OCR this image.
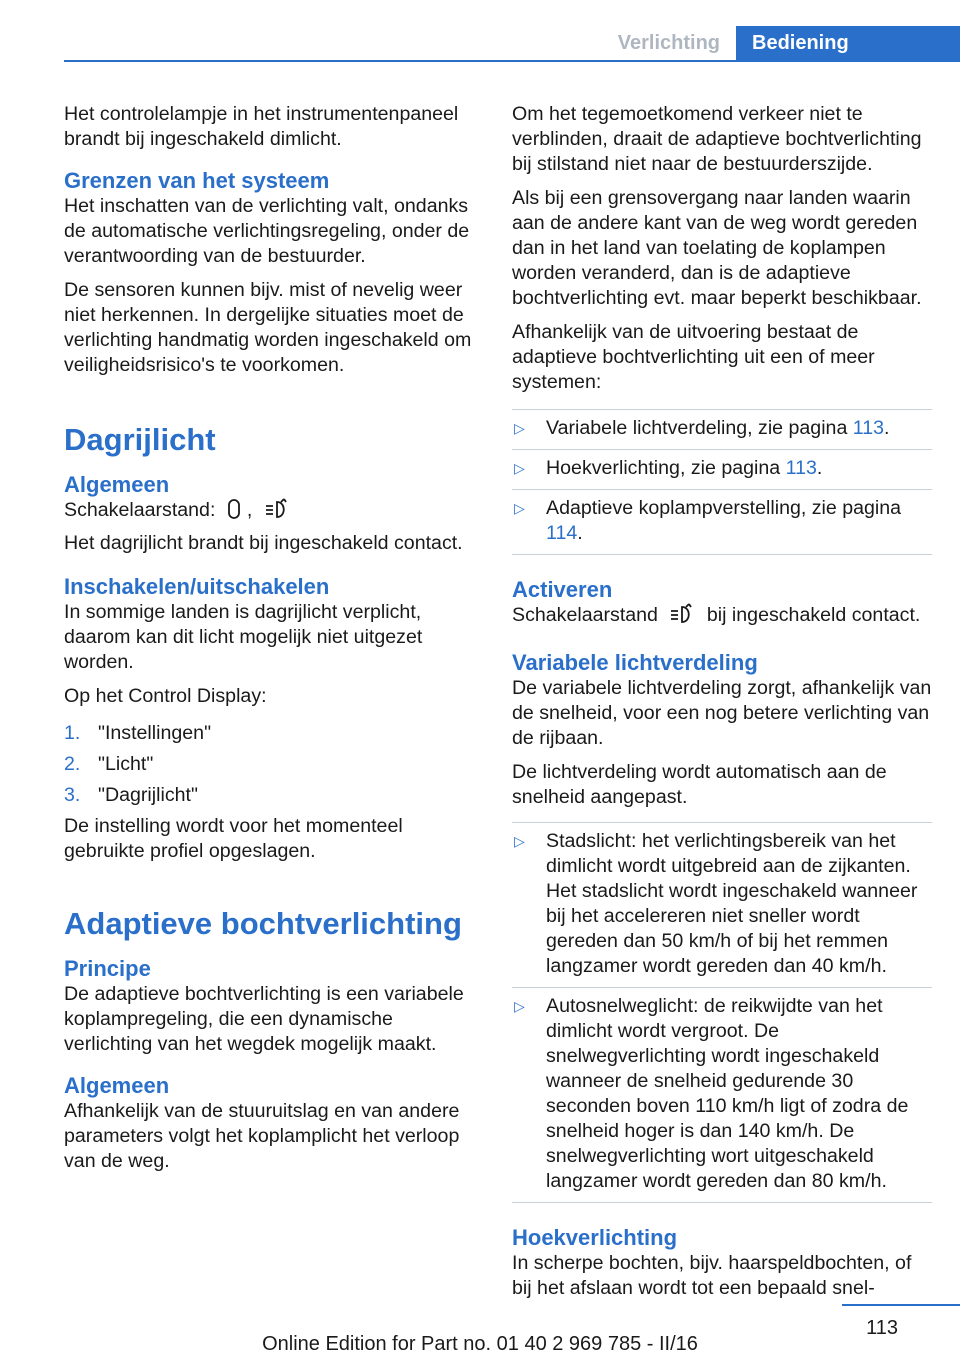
Verlichting	Bediening

Het controlelampje in het instrumentenpaneel brandt bij ingeschakeld dimlicht.

Grenzen van het systeem

Het inschatten van de verlichting valt, ondanks de automatische verlichtingsregeling, onder de verantwoording van de bestuurder.

De sensoren kunnen bijv. mist of nevelig weer niet herkennen. In dergelijke situaties moet de verlichting handmatig worden ingeschakeld om veiligheidsrisico's te voorkomen.

Dagrijlicht
Algemeen

Schakelaarstand: ,

Het dagrijlicht brandt bij ingeschakeld contact.

Inschakelen/uitschakelen

In sommige landen is dagrijlicht verplicht, daarom kan dit licht mogelijk niet uitgezet worden.

Op het Control Display:

1. "Instellingen"
2. "Licht"
3. "Dagrijlicht"

De instelling wordt voor het momenteel gebruikte profiel opgeslagen.

Adaptieve bochtverlichting
Principe

De adaptieve bochtverlichting is een variabele koplampregeling, die een dynamische verlichting van het wegdek mogelijk maakt.

Algemeen

Afhankelijk van de stuuruitslag en van andere parameters volgt het koplamplicht het verloop van de weg.

Om het tegemoetkomend verkeer niet te verblinden, draait de adaptieve bochtverlichting bij stilstand niet naar de bestuurderszijde.

Als bij een grensovergang naar landen waarin aan de andere kant van de weg wordt gereden dan in het land van toelating de koplampen worden veranderd, dan is de adaptieve bochtverlichting evt. maar beperkt beschikbaar.

Afhankelijk van de uitvoering bestaat de adaptieve bochtverlichting uit een of meer systemen:

▷ Variabele lichtverdeling, zie pagina 113.
▷ Hoekverlichting, zie pagina 113.
▷ Adaptieve koplampverstelling, zie pagina 114.
Activeren

Schakelaarstand bij ingeschakeld contact.

Variabele lichtverdeling

De variabele lichtverdeling zorgt, afhankelijk van de snelheid, voor een nog betere verlichting van de rijbaan.

De lichtverdeling wordt automatisch aan de snelheid aangepast.

▷ Stadslicht: het verlichtingsbereik van het dimlicht wordt uitgebreid aan de zijkanten. Het stadslicht wordt ingeschakeld wanneer bij het accelereren niet sneller wordt gereden dan 50 km/h of bij het remmen langzamer wordt gereden dan 40 km/h.
▷ Autosnelweglicht: de reikwijdte van het dimlicht wordt vergroot. De snelwegverlichting wordt ingeschakeld wanneer de snelheid gedurende 30 seconden boven 110 km/h ligt of zodra de snelheid hoger is dan 140 km/h. De snelwegverlichting wort uitgeschakeld langzamer wordt gereden dan 80 km/h.
Hoekverlichting

In scherpe bochten, bijv. haarspeldbochten, of bij het afslaan wordt tot een bepaald snel-

113
Online Edition for Part no. 01 40 2 969 785 - II/16
